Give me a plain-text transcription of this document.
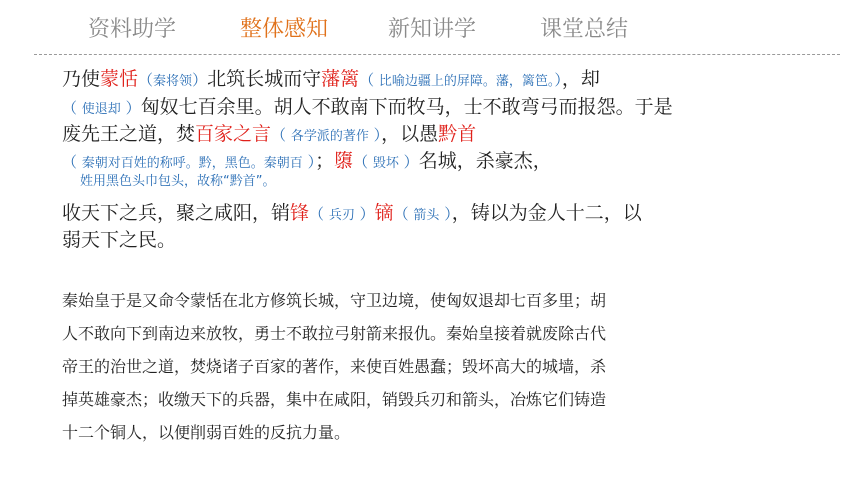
资料助学	整体感知	新知讲学	课堂总结
乃使蒙恬（秦将领）北筑长城而守藩篱（ 比喻边疆上的屏障。藩，篱笆。），却
（ 使退却 ）匈奴七百余里。胡人不敢南下而牧马，士不敢弯弓而报怨。于是
废先王之道，焚百家之言（ 各学派的著作 ），以愚黔首
（ 秦朝对百姓的称呼。黔，黑色。秦朝百 ）；隳（ 毁坏 ）名城，杀豪杰，
姓用黑色头巾包头，故称“黔首”。
收天下之兵，聚之咸阳，销锋（ 兵刃 ）镝（ 箭头 ），铸以为金人十二，以
弱天下之民。
秦始皇于是又命令蒙恬在北方修筑长城，守卫边境，使匈奴退却七百多里；胡
人不敢向下到南边来放牧，勇士不敢拉弓射箭来报仇。秦始皇接着就废除古代
帝王的治世之道，焚烧诸子百家的著作，来使百姓愚蠢；毁坏高大的城墙，杀
掉英雄豪杰；收缴天下的兵器，集中在咸阳，销毁兵刃和箭头，冶炼它们铸造
十二个铜人，以便削弱百姓的反抗力量。
